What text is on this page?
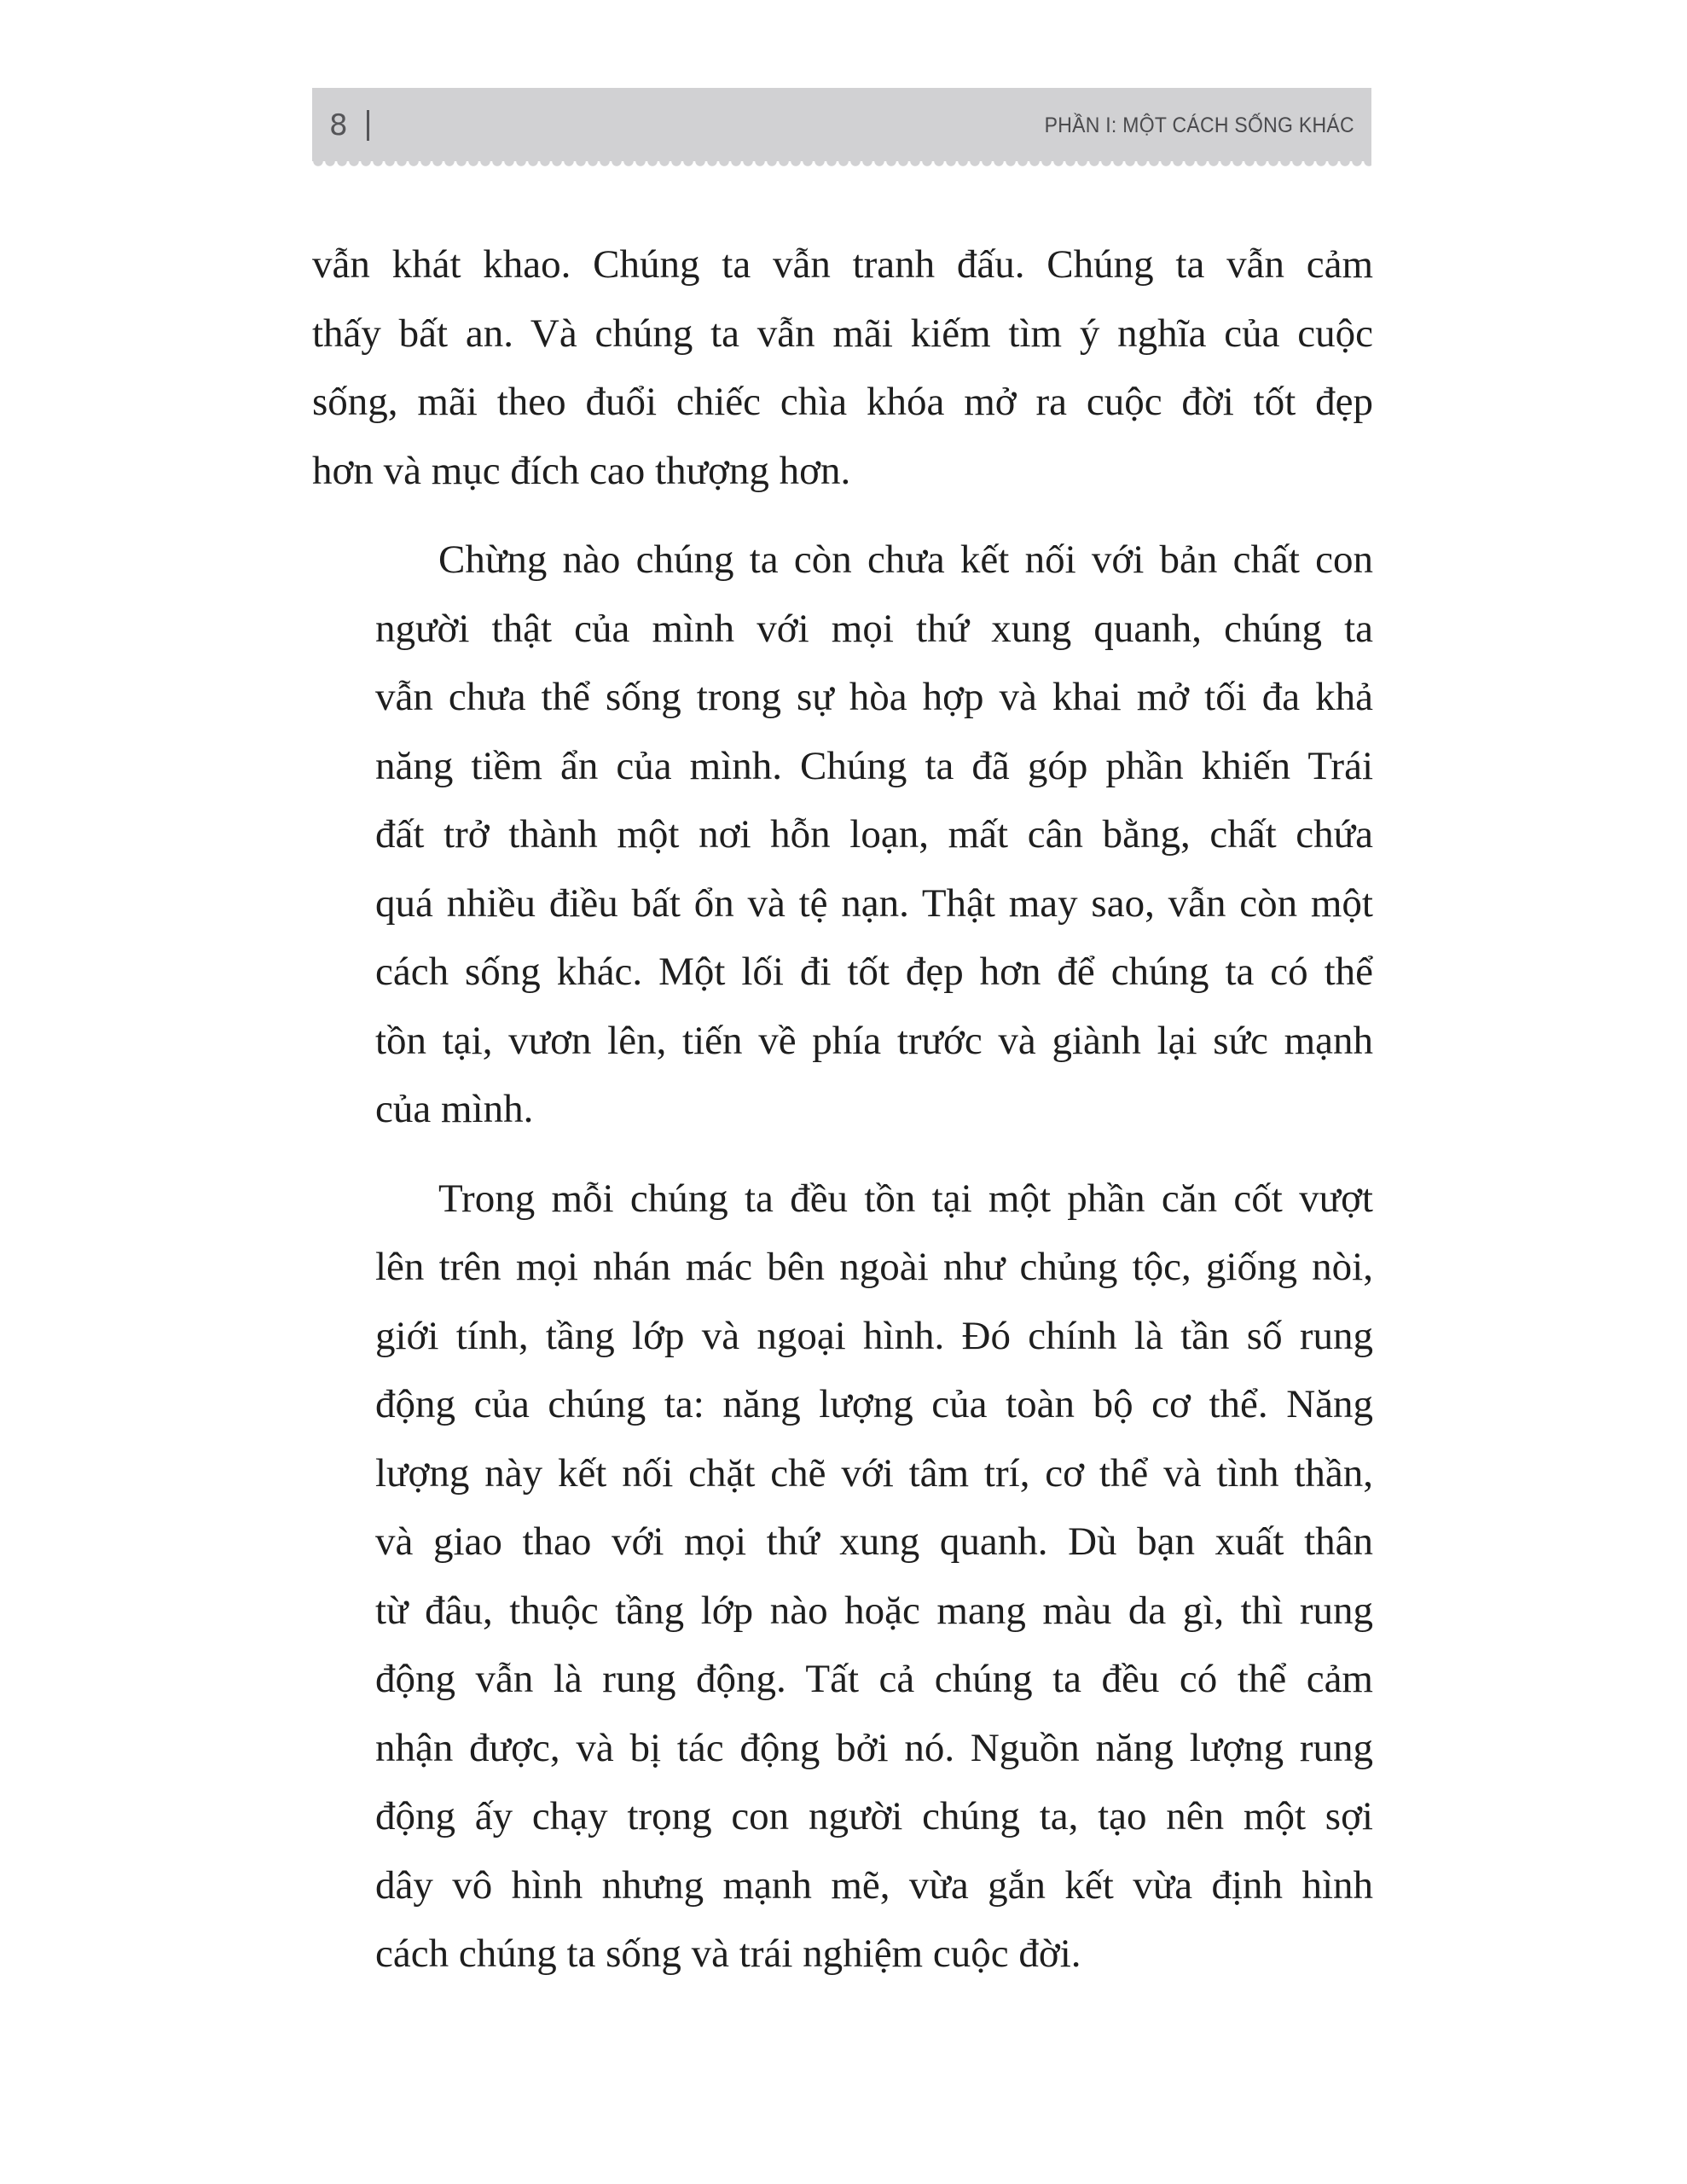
8	PHẦN I: MỘT CÁCH SỐNG KHÁC

vẫn khát khao. Chúng ta vẫn tranh đấu. Chúng ta vẫn cảm
thấy bất an. Và chúng ta vẫn mãi kiếm tìm ý nghĩa của cuộc
sống, mãi theo đuổi chiếc chìa khóa mở ra cuộc đời tốt đẹp
hơn và mục đích cao thượng hơn.

Chừng nào chúng ta còn chưa kết nối với bản chất con
người thật của mình với mọi thứ xung quanh, chúng ta
vẫn chưa thể sống trong sự hòa hợp và khai mở tối đa khả
năng tiềm ẩn của mình. Chúng ta đã góp phần khiến Trái
đất trở thành một nơi hỗn loạn, mất cân bằng, chất chứa
quá nhiều điều bất ổn và tệ nạn. Thật may sao, vẫn còn một
cách sống khác. Một lối đi tốt đẹp hơn để chúng ta có thể
tồn tại, vươn lên, tiến về phía trước và giành lại sức mạnh
của mình.

Trong mỗi chúng ta đều tồn tại một phần căn cốt vượt
lên trên mọi nhán mác bên ngoài như chủng tộc, giống nòi,
giới tính, tầng lớp và ngoại hình. Đó chính là tần số rung
động của chúng ta: năng lượng của toàn bộ cơ thể. Năng
lượng này kết nối chặt chẽ với tâm trí, cơ thể và tình thần,
và giao thao với mọi thứ xung quanh. Dù bạn xuất thân
từ đâu, thuộc tầng lớp nào hoặc mang màu da gì, thì rung
động vẫn là rung động. Tất cả chúng ta đều có thể cảm
nhận được, và bị tác động bởi nó. Nguồn năng lượng rung
động ấy chạy trọng con người chúng ta, tạo nên một sợi
dây vô hình nhưng mạnh mẽ, vừa gắn kết vừa định hình
cách chúng ta sống và trái nghiệm cuộc đời.
